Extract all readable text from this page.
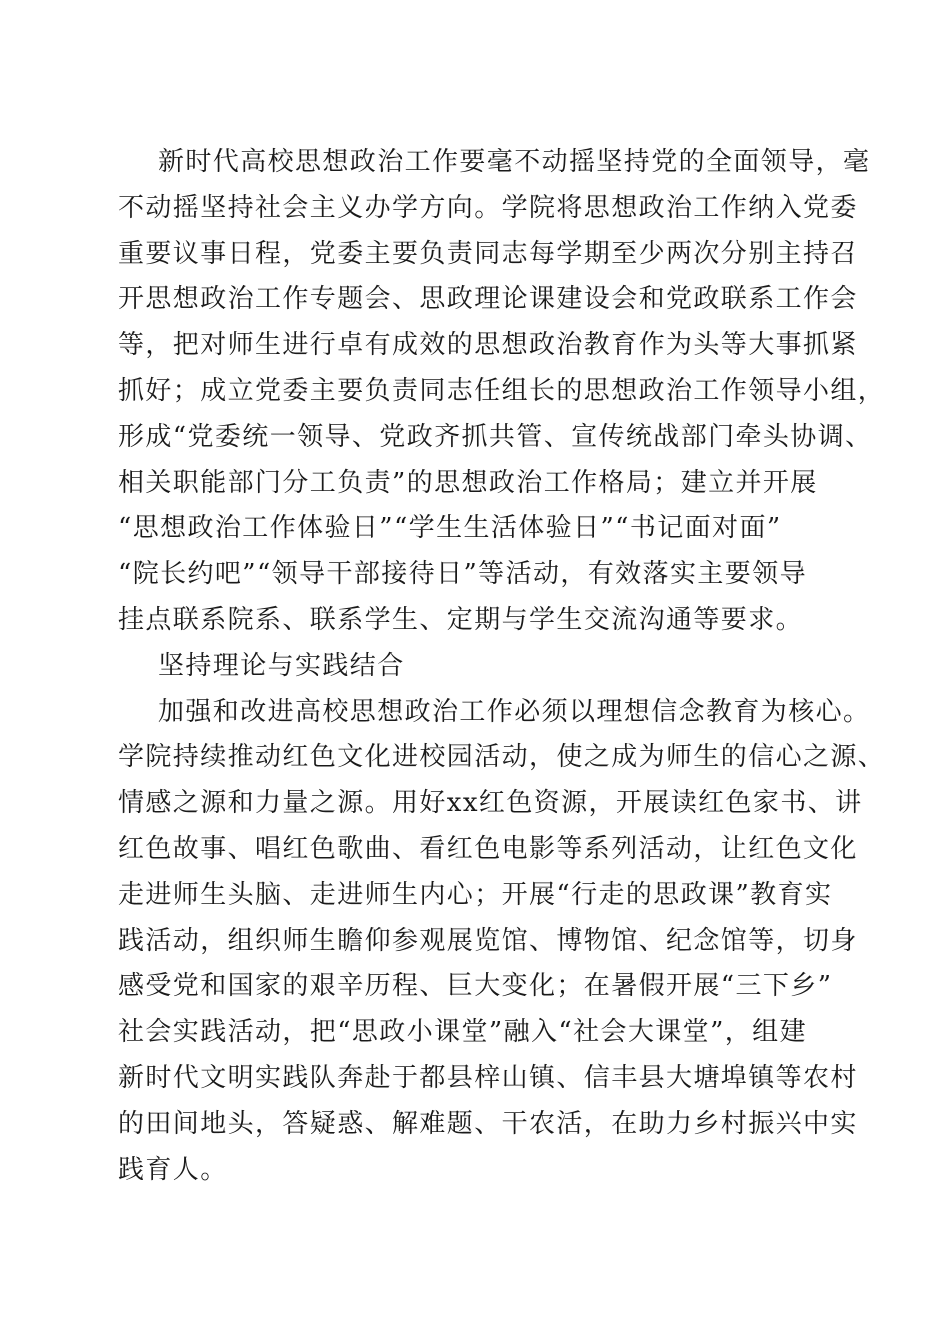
新时代高校思想政治工作要毫不动摇坚持党的全面领导，毫
不动摇坚持社会主义办学方向。学院将思想政治工作纳入党委
重要议事日程，党委主要负责同志每学期至少两次分别主持召
开思想政治工作专题会、思政理论课建设会和党政联系工作会
等，把对师生进行卓有成效的思想政治教育作为头等大事抓紧
抓好；成立党委主要负责同志任组长的思想政治工作领导小组，
形成“党委统一领导、党政齐抓共管、宣传统战部门牵头协调、
相关职能部门分工负责”的思想政治工作格局；建立并开展
“思想政治工作体验日”“学生生活体验日”“书记面对面”
“院长约吧”“领导干部接待日”等活动，有效落实主要领导
挂点联系院系、联系学生、定期与学生交流沟通等要求。
坚持理论与实践结合
加强和改进高校思想政治工作必须以理想信念教育为核心。
学院持续推动红色文化进校园活动，使之成为师生的信心之源、
情感之源和力量之源。用好xx红色资源，开展读红色家书、讲
红色故事、唱红色歌曲、看红色电影等系列活动，让红色文化
走进师生头脑、走进师生内心；开展“行走的思政课”教育实
践活动，组织师生瞻仰参观展览馆、博物馆、纪念馆等，切身
感受党和国家的艰辛历程、巨大变化；在暑假开展“三下乡”
社会实践活动，把“思政小课堂”融入“社会大课堂”，组建
新时代文明实践队奔赴于都县梓山镇、信丰县大塘埠镇等农村
的田间地头，答疑惑、解难题、干农活，在助力乡村振兴中实
践育人。
